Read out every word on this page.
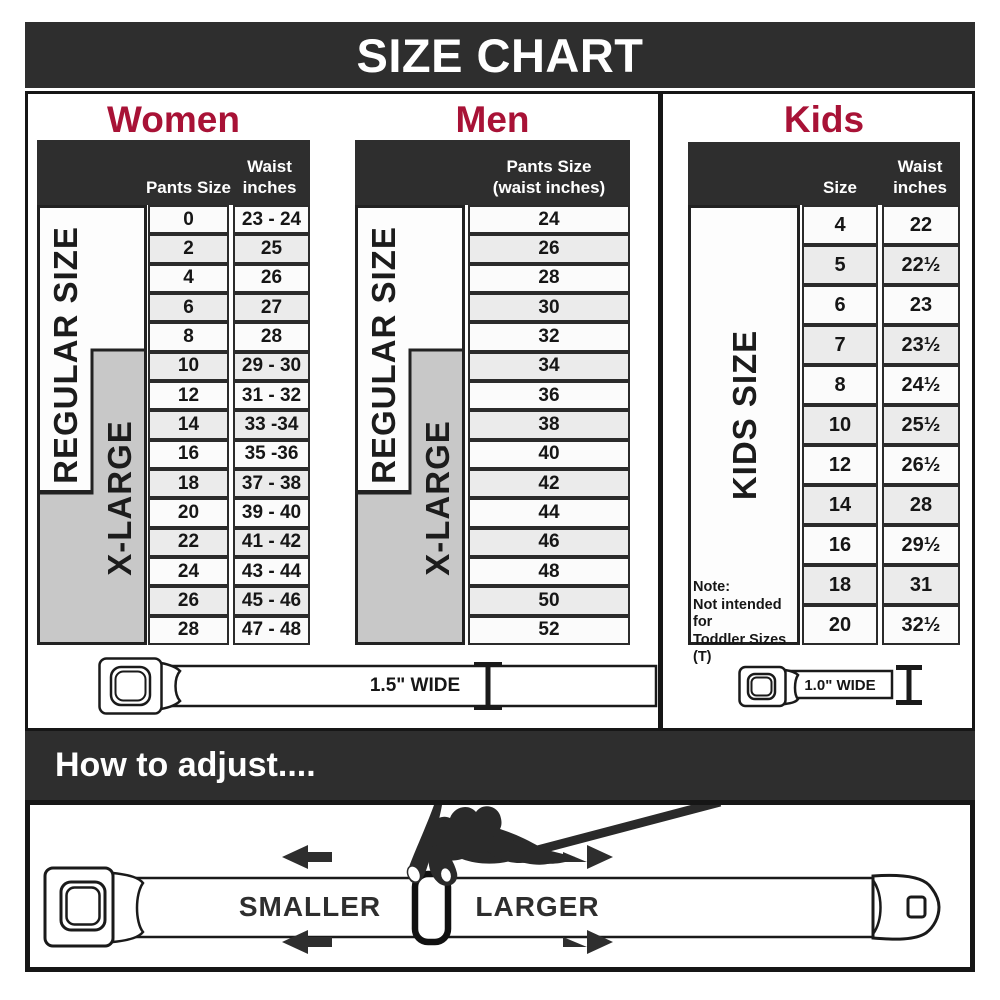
SIZE CHART
Women
Pants Size
Waist
inches
REGULAR SIZE
X-LARGE
0
2
4
6
8
10
12
14
16
18
20
22
24
26
28
23 - 24
25
26
27
28
29 - 30
31 - 32
33 -34
35 -36
37 - 38
39 - 40
41 - 42
43 - 44
45 - 46
47 - 48
Men
Pants Size
(waist inches)
REGULAR SIZE
X-LARGE
24
26
28
30
32
34
36
38
40
42
44
46
48
50
52
Kids
Size
Waist
inches
KIDS SIZE
Note:
Not intended for
Toddler Sizes (T)
4
5
6
7
8
10
12
14
16
18
20
22
22½
23
23½
24½
25½
26½
28
29½
31
32½
1.5" WIDE	1.0" WIDE
How to adjust....
SMALLER	LARGER
